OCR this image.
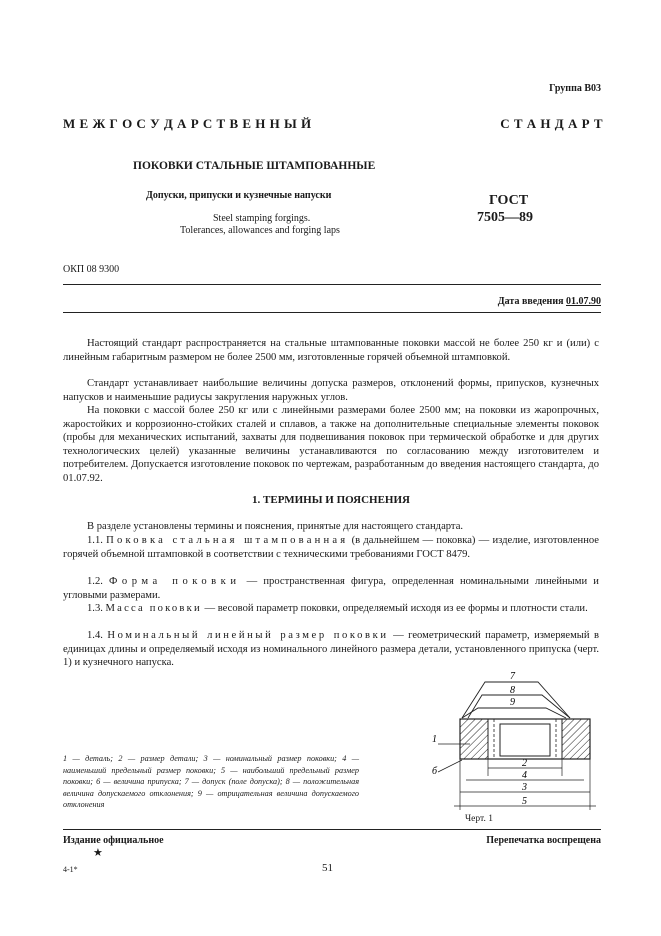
Группа В03
М Е Ж Г О С У Д А Р С Т В Е Н Н Ы Й	С Т А Н Д А Р Т
ПОКОВКИ СТАЛЬНЫЕ ШТАМПОВАННЫЕ
Допуски, припуски и кузнечные напуски
Steel stamping forgings.
Tolerances, allowances and forging laps
ГОСТ
7505—89
ОКП 08 9300
Дата введения 01.07.90
Настоящий стандарт распространяется на стальные штампованные поковки массой не более 250 кг и (или) с линейным габаритным размером не более 2500 мм, изготовленные горячей объемной штамповкой.
Стандарт устанавливает наибольшие величины допуска размеров, отклонений формы, припусков, кузнечных напусков и наименьшие радиусы закругления наружных углов.
На поковки с массой более 250 кг или с линейными размерами более 2500 мм; на поковки из жаропрочных, жаростойких и коррозионно-стойких сталей и сплавов, а также на дополнительные специальные элементы поковок (пробы для механических испытаний, захваты для подвешивания поковок при термической обработке и для других технологических целей) указанные величины устанавливаются по согласованию между изготовителем и потребителем. Допускается изготовление поковок по чертежам, разработанным до введения настоящего стандарта, до 01.07.92.
1. ТЕРМИНЫ И ПОЯСНЕНИЯ
В разделе установлены термины и пояснения, принятые для настоящего стандарта.
1.1. Поковка стальная штампованная (в дальнейшем — поковка) — изделие, изготовленное горячей объемной штамповкой в соответствии с техническими требованиями ГОСТ 8479.
1.2. Форма поковки — пространственная фигура, определенная номинальными линейными и угловыми размерами.
1.3. Масса поковки — весовой параметр поковки, определяемый исходя из ее формы и плотности стали.
1.4. Номинальный линейный размер поковки — геометрический параметр, измеряемый в единицах длины и определяемый исходя из номинального линейного размера детали, установленного припуска (черт. 1) и кузнечного напуска.
1 — деталь; 2 — размер детали; 3 — номинальный размер поковки; 4 — наименьший предельный размер поковки; 5 — наибольший предельный размер поковки; 6 — величина припуска; 7 — допуск (поле допуска); 8 — положительная величина допускаемого отклонения; 9 — отрицательная величина допускаемого отклонения
7
8
9
1
б
2
4
3
5
Черт. 1
Издание официальное
★
Перепечатка воспрещена
4-1*	51
